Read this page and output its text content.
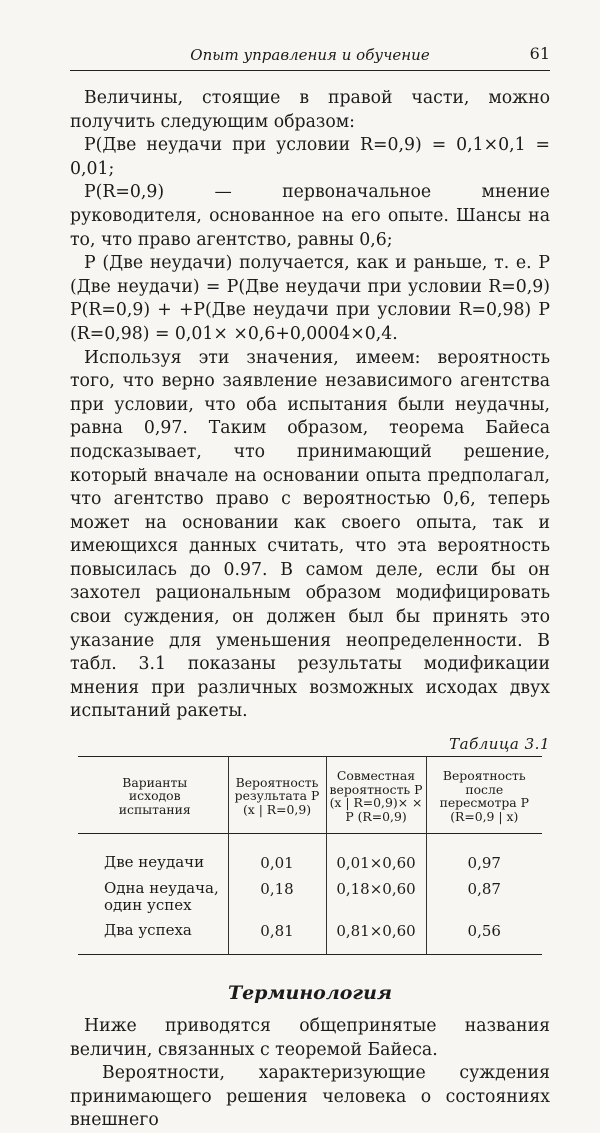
Опыт управления и обучение	61

Величины, стоящие в правой части, можно получить следующим образом:

P(Две неудачи при условии R=0,9) = 0,1×0,1 = 0,01;

P(R=0,9) — первоначальное мнение руководителя, основанное на его опыте. Шансы на то, что право агентство, равны 0,6;

P (Две неудачи) получается, как и раньше, т. е. P (Две неудачи) = P(Две неудачи при условии R=0,9) P(R=0,9) + +P(Две неудачи при условии R=0,98) P (R=0,98) = 0,01× ×0,6+0,0004×0,4.

Используя эти значения, имеем: вероятность того, что верно заявление независимого агентства при условии, что оба испытания были неудачны, равна 0,97. Таким образом, теорема Байеса подсказывает, что принимающий решение, который вначале на основании опыта предполагал, что агентство право с вероятностью 0,6, теперь может на основании как своего опыта, так и имеющихся данных считать, что эта вероятность повысилась до 0.97. В самом деле, если бы он захотел рациональным образом модифицировать свои суждения, он должен был бы принять это указание для уменьшения неопределенности. В табл. 3.1 показаны результаты модификации мнения при различных возможных исходах двух испытаний ракеты.

Таблица 3.1
Варианты исходов испытания	Вероятность результата P (x | R=0,9)	Совместная вероятность P (x | R=0,9)× × P (R=0,9)	Вероятность после пересмотра P (R=0,9 | x)

Две неудачи	0,01	0,01×0,60	0,97
Одна неудача, один успех	0,18	0,18×0,60	0,87
Два успеха	0,81	0,81×0,60	0,56
Терминология

Ниже приводятся общепринятые названия величин, связанных с теоремой Байеса.

Вероятности, характеризующие суждения принимающего решения человека о состояниях внешнего
